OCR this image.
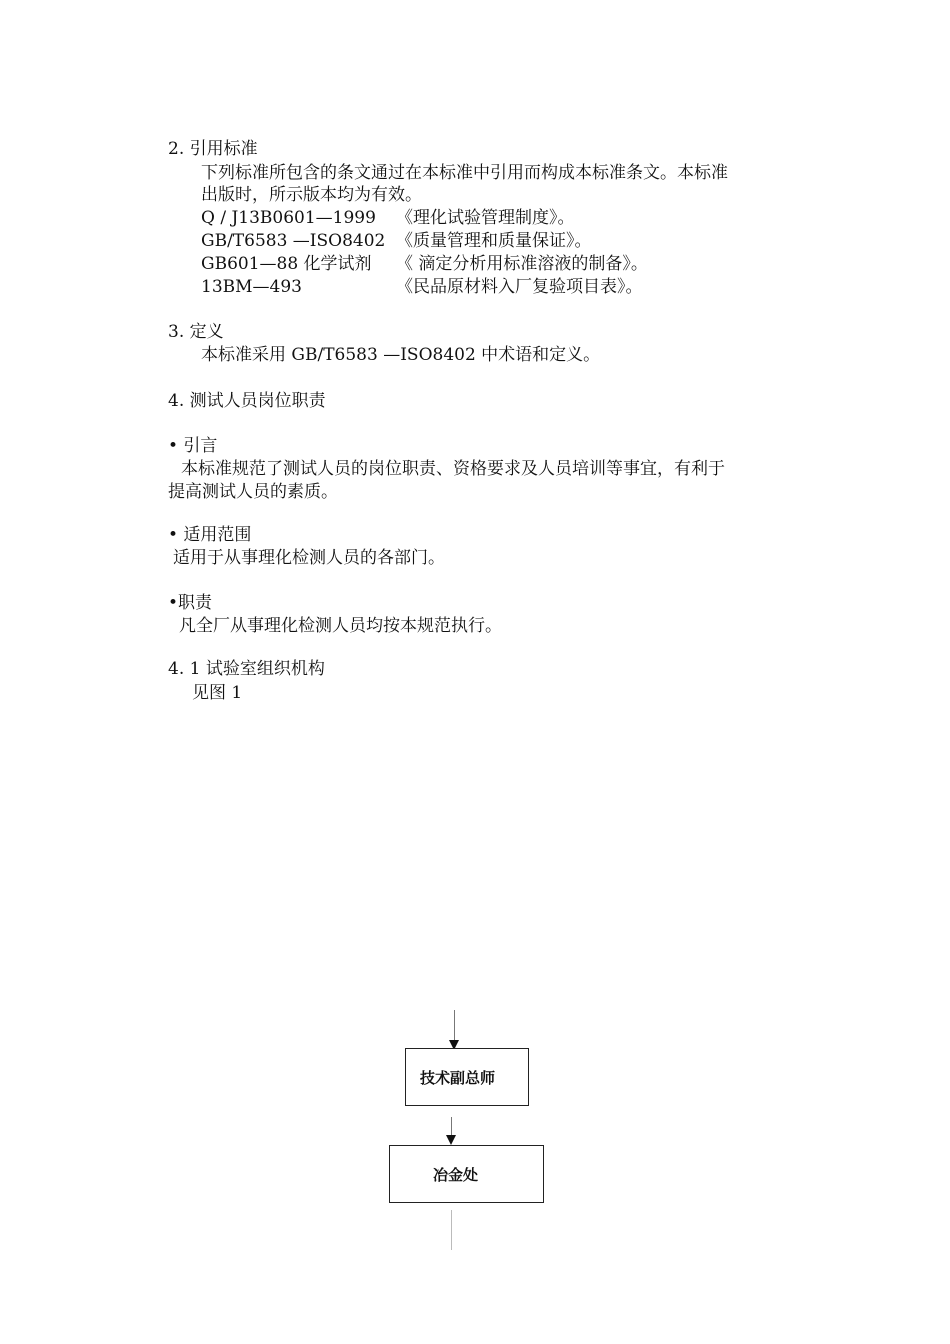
2. 引用标准
下列标准所包含的条文通过在本标准中引用而构成本标准条文。本标准
出版时，所示版本均为有效。
Q / J13B0601—1999 《理化试验管理制度》。
GB/T6583 —ISO8402 《质量管理和质量保证》。
GB601—88 化学试剂 《 滴定分析用标准溶液的制备》。
13BM—493	《民品原材料入厂复验项目表》。
3. 定义
本标准采用 GB/T6583 —ISO8402 中术语和定义。
4. 测试人员岗位职责
• 引言
本标准规范了测试人员的岗位职责、资格要求及人员培训等事宜，有利于
提高测试人员的素质。
• 适用范围
适用于从事理化检测人员的各部门。
•职责
凡全厂从事理化检测人员均按本规范执行。
4. 1 试验室组织机构
见图 1
技术副总师
冶金处
